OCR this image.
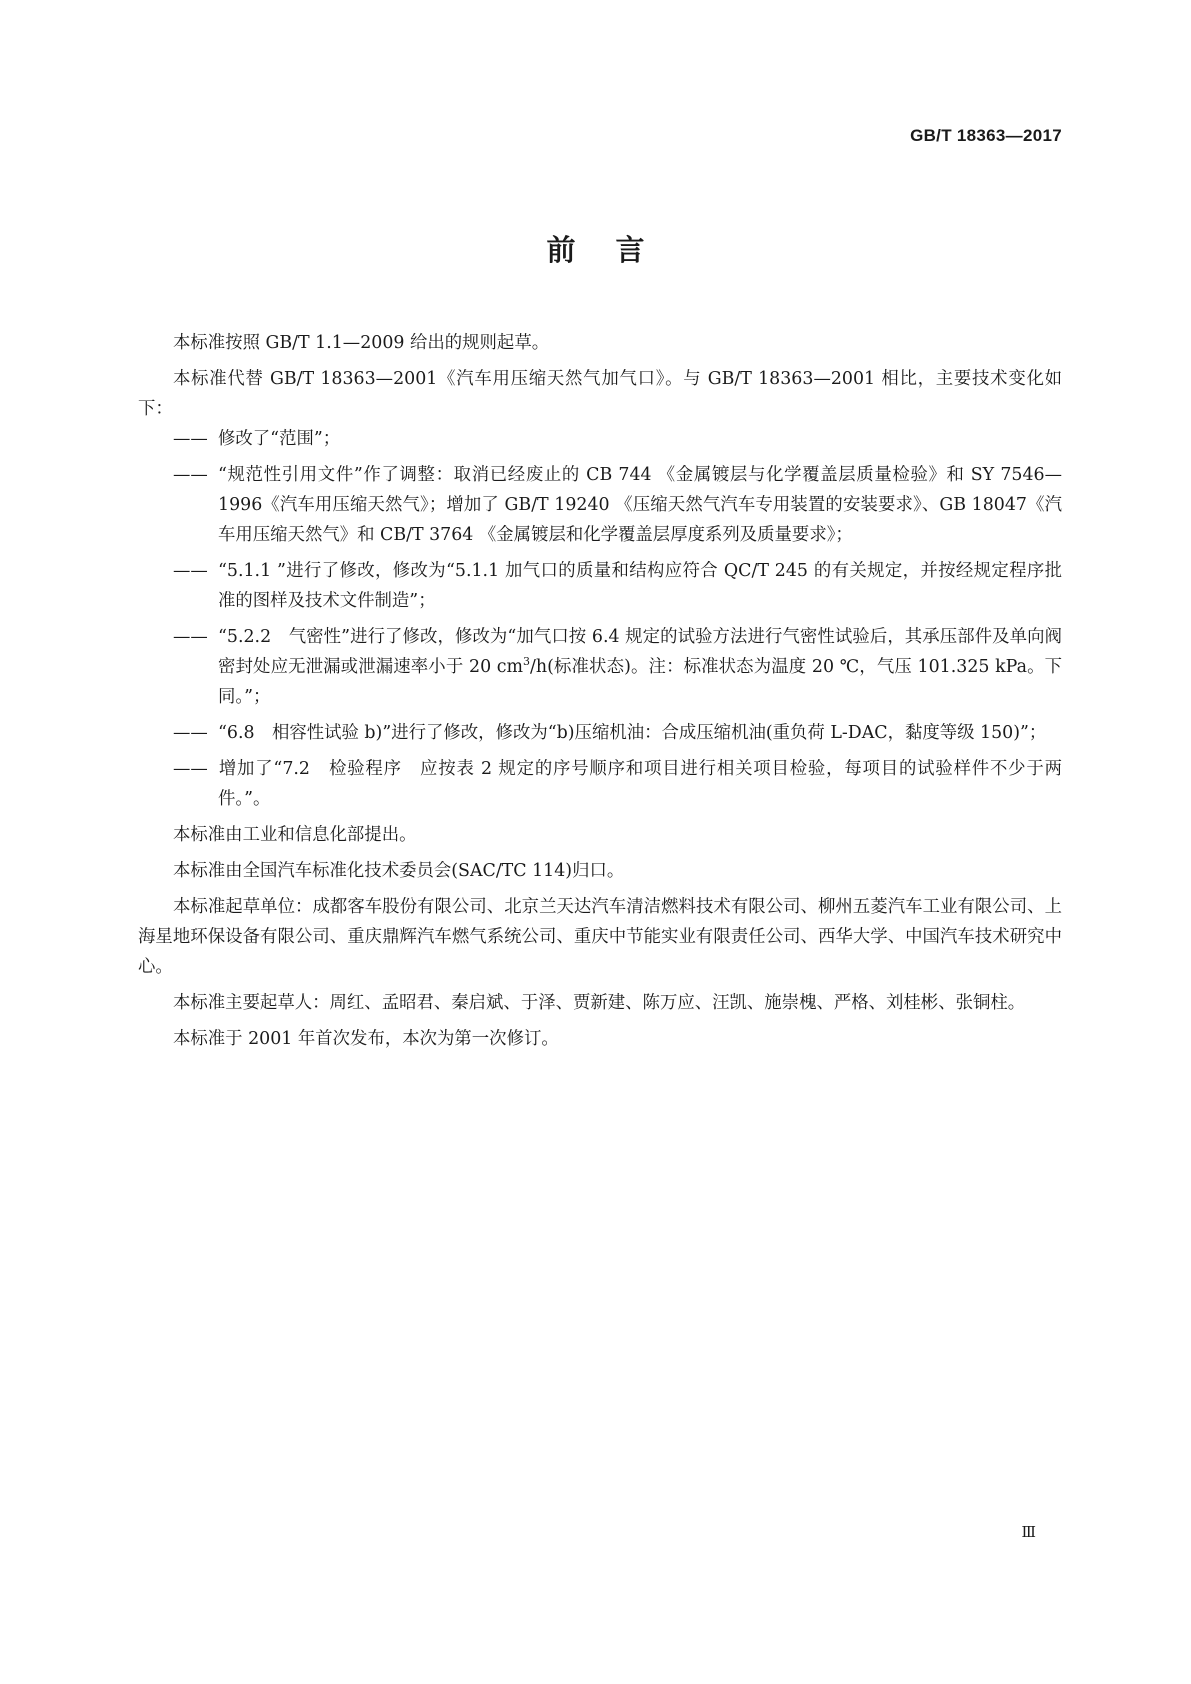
GB/T 18363—2017
前言

本标准按照 GB/T 1.1—2009 给出的规则起草。

本标准代替 GB/T 18363—2001《汽车用压缩天然气加气口》。与 GB/T 18363—2001 相比，主要技术变化如下：

—— 修改了“范围”；
—— “规范性引用文件”作了调整：取消已经废止的 CB 744 《金属镀层与化学覆盖层质量检验》和 SY 7546—1996《汽车用压缩天然气》；增加了 GB/T 19240 《压缩天然气汽车专用装置的安装要求》、GB 18047《汽车用压缩天然气》和 CB/T 3764 《金属镀层和化学覆盖层厚度系列及质量要求》；
—— “5.1.1 ”进行了修改，修改为“5.1.1 加气口的质量和结构应符合 QC/T 245 的有关规定，并按经规定程序批准的图样及技术文件制造”；
—— “5.2.2　气密性”进行了修改，修改为“加气口按 6.4 规定的试验方法进行气密性试验后，其承压部件及单向阀密封处应无泄漏或泄漏速率小于 20 $cm^3/h$(标准状态)。注：标准状态为温度 20 ℃，气压 101.325 kPa。下同。”；
—— “6.8　相容性试验 b)”进行了修改，修改为“b)压缩机油：合成压缩机油(重负荷 L-DAC，黏度等级 150)”；
—— 增加了“7.2　检验程序　应按表 2 规定的序号顺序和项目进行相关项目检验，每项目的试验样件不少于两件。”。

本标准由工业和信息化部提出。

本标准由全国汽车标准化技术委员会(SAC/TC 114)归口。

本标准起草单位：成都客车股份有限公司、北京兰天达汽车清洁燃料技术有限公司、柳州五菱汽车工业有限公司、上海星地环保设备有限公司、重庆鼎辉汽车燃气系统公司、重庆中节能实业有限责任公司、西华大学、中国汽车技术研究中心。

本标准主要起草人：周红、孟昭君、秦启斌、于泽、贾新建、陈万应、汪凯、施崇槐、严格、刘桂彬、张铜柱。

本标准于 2001 年首次发布，本次为第一次修订。

Ⅲ
